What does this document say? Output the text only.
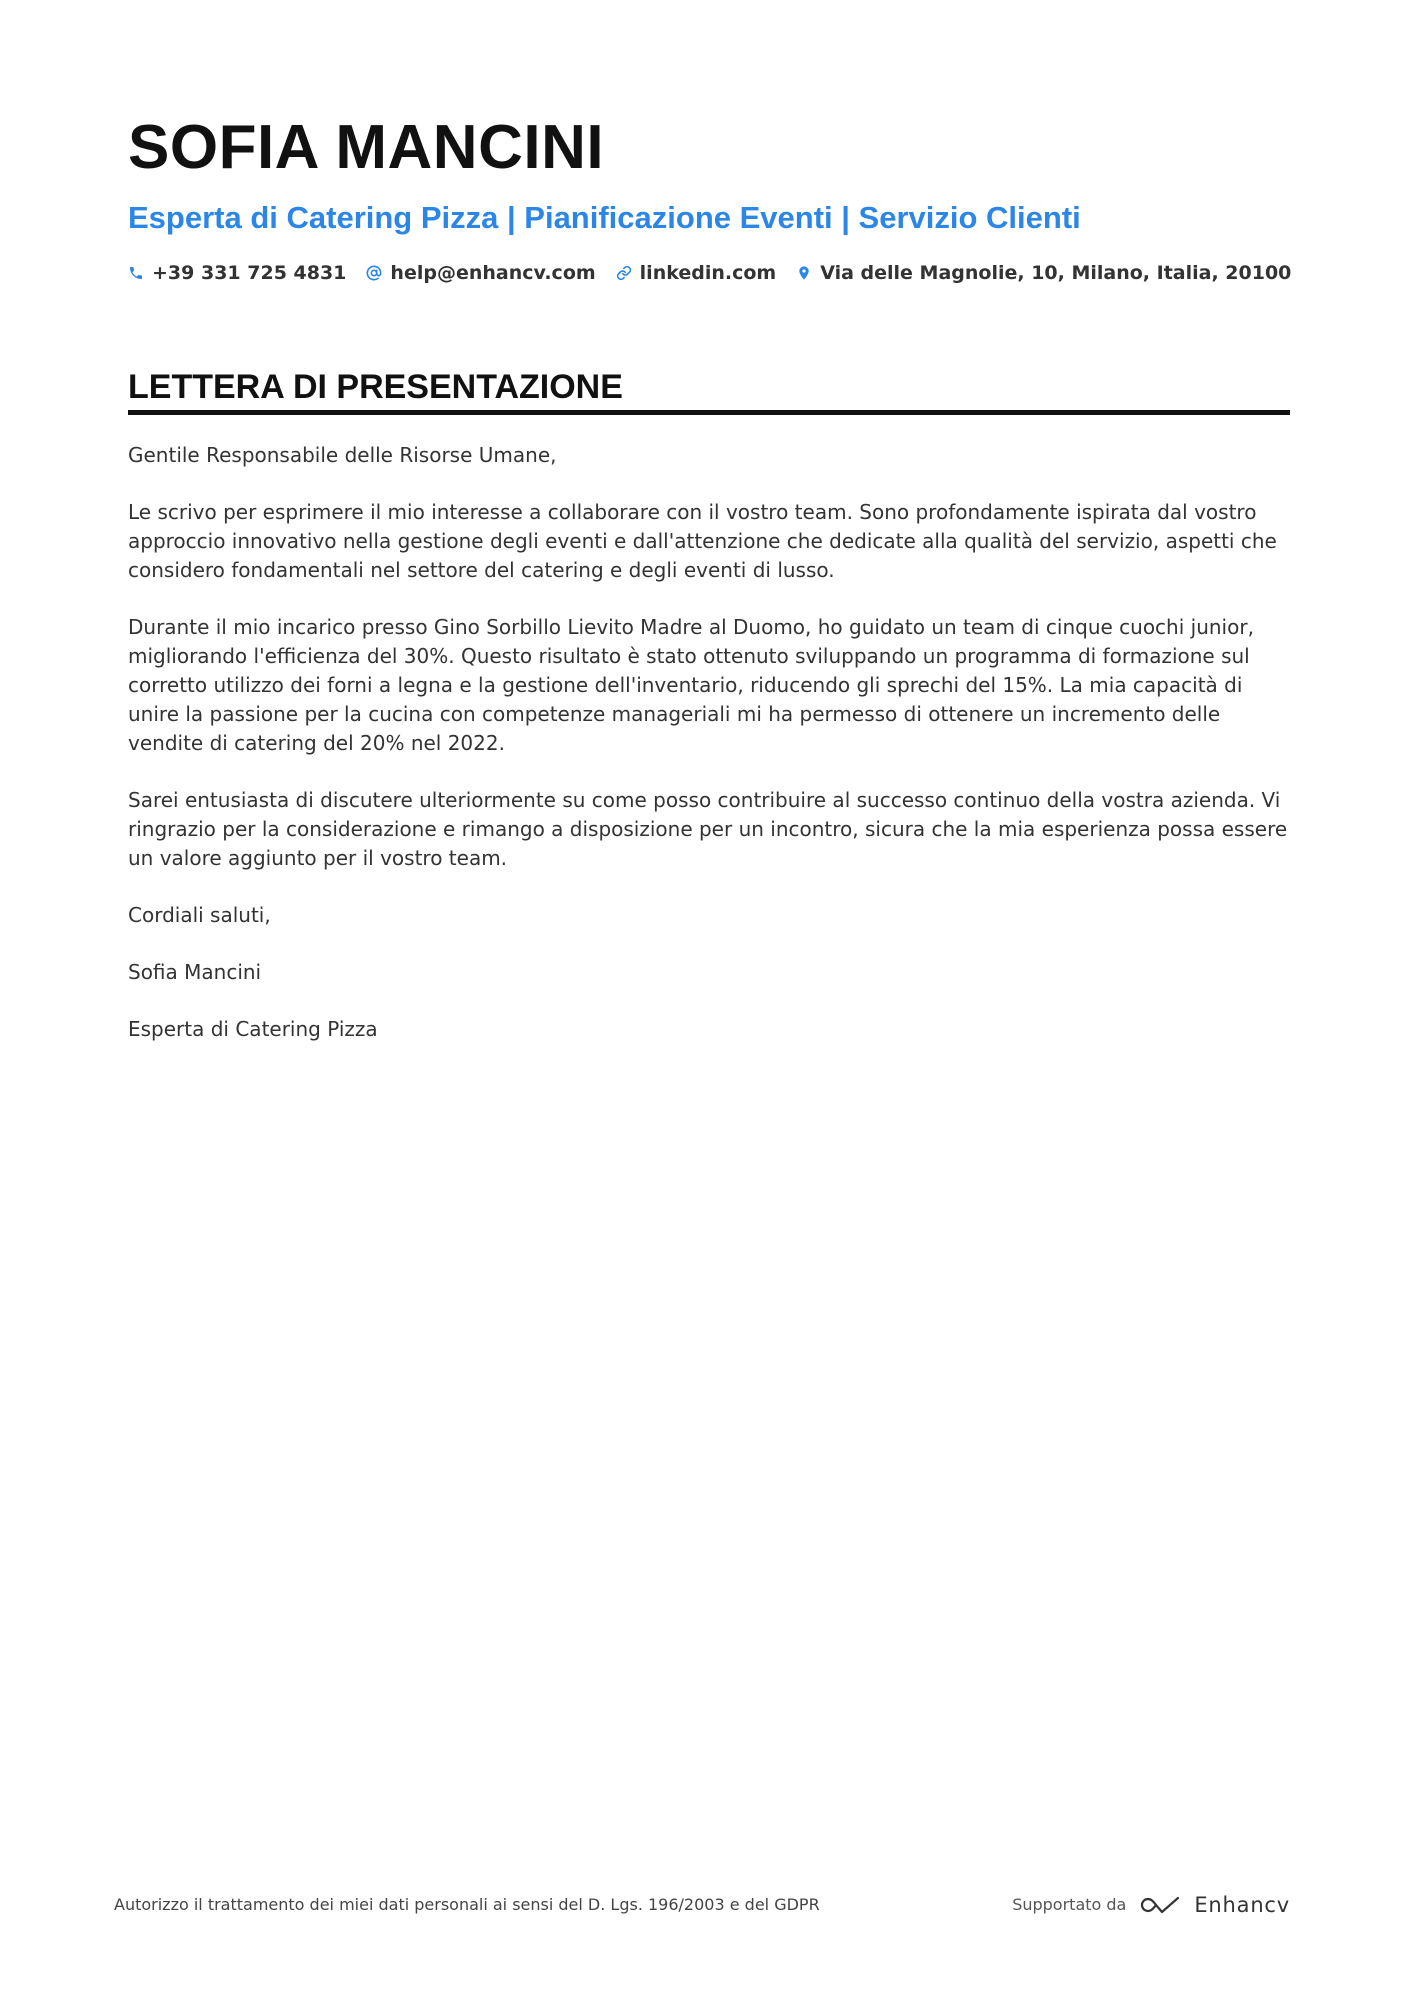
SOFIA MANCINI
Esperta di Catering Pizza | Pianificazione Eventi | Servizio Clienti
+39 331 725 4831 help@enhancv.com linkedin.com Via delle Magnolie, 10, Milano, Italia, 20100
LETTERA DI PRESENTAZIONE

Gentile Responsabile delle Risorse Umane,

Le scrivo per esprimere il mio interesse a collaborare con il vostro team. Sono profondamente ispirata dal vostro approccio innovativo nella gestione degli eventi e dall'attenzione che dedicate alla qualità del servizio, aspetti che considero fondamentali nel settore del catering e degli eventi di lusso.

Durante il mio incarico presso Gino Sorbillo Lievito Madre al Duomo, ho guidato un team di cinque cuochi junior, migliorando l'efficienza del 30%. Questo risultato è stato ottenuto sviluppando un programma di formazione sul corretto utilizzo dei forni a legna e la gestione dell'inventario, riducendo gli sprechi del 15%. La mia capacità di unire la passione per la cucina con competenze manageriali mi ha permesso di ottenere un incremento delle vendite di catering del 20% nel 2022.

Sarei entusiasta di discutere ulteriormente su come posso contribuire al successo continuo della vostra azienda. Vi ringrazio per la considerazione e rimango a disposizione per un incontro, sicura che la mia esperienza possa essere un valore aggiunto per il vostro team.

Cordiali saluti,

Sofia Mancini

Esperta di Catering Pizza

Autorizzo il trattamento dei miei dati personali ai sensi del D. Lgs. 196/2003 e del GDPR	Supportato da	Enhancv
